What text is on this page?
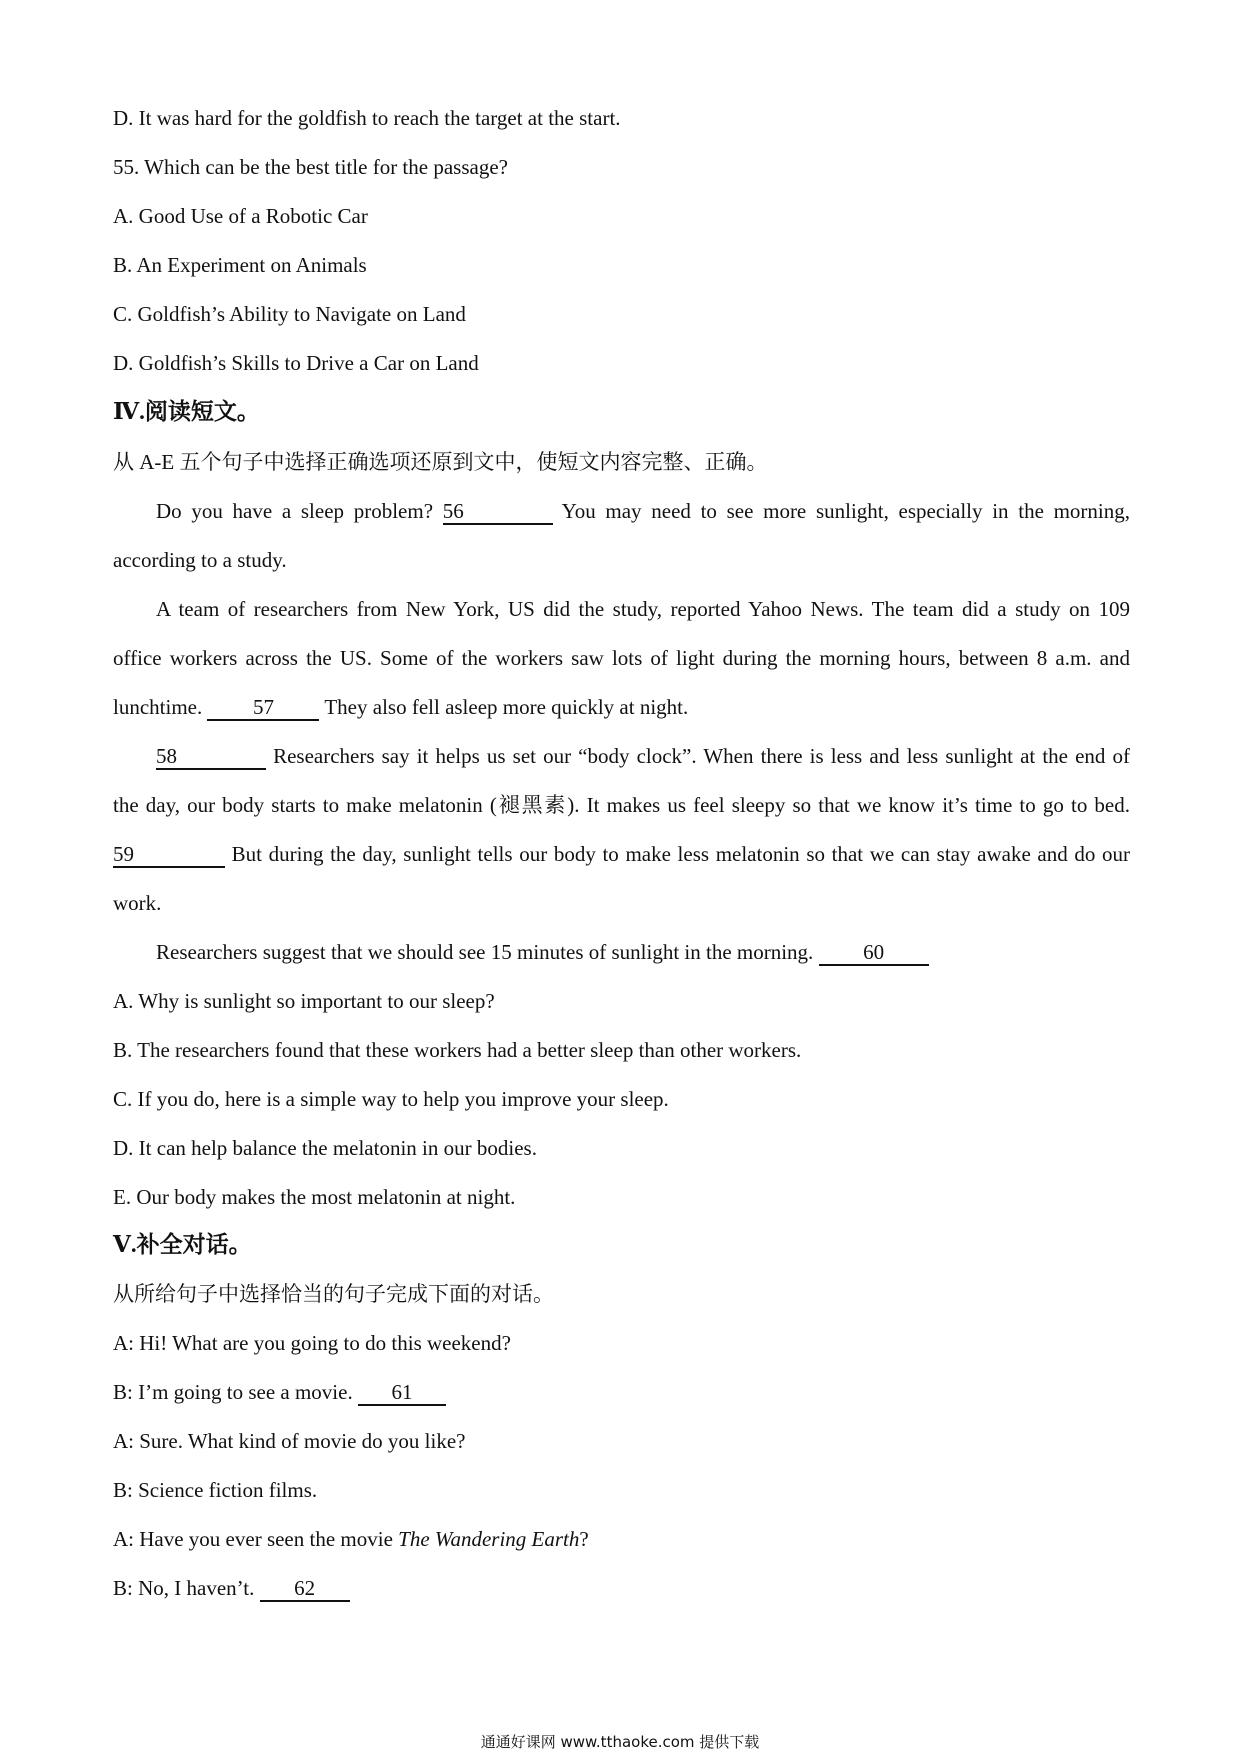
D. It was hard for the goldfish to reach the target at the start.
55. Which can be the best title for the passage?
A. Good Use of a Robotic Car
B. An Experiment on Animals
C. Goldfish’s Ability to Navigate on Land
D. Goldfish’s Skills to Drive a Car on Land
Ⅳ.阅读短文。
从 A-E 五个句子中选择正确选项还原到文中，使短文内容完整、正确。
Do you have a sleep problem? 56	You may need to see more sunlight, especially in the morning,
according to a study.
A team of researchers from New York, US did the study, reported Yahoo News. The team did a study on 109
office workers across the US. Some of the workers saw lots of light during the morning hours, between 8 a.m. and
lunchtime. 57 They also fell asleep more quickly at night.
58	Researchers say it helps us set our “body clock”. When there is less and less sunlight at the end of
the day, our body starts to make melatonin (褪黑素). It makes us feel sleepy so that we know it’s time to go to bed.
59	But during the day, sunlight tells our body to make less melatonin so that we can stay awake and do our
work.
Researchers suggest that we should see 15 minutes of sunlight in the morning. 60
A. Why is sunlight so important to our sleep?
B. The researchers found that these workers had a better sleep than other workers.
C. If you do, here is a simple way to help you improve your sleep.
D. It can help balance the melatonin in our bodies.
E. Our body makes the most melatonin at night.
Ⅴ.补全对话。
从所给句子中选择恰当的句子完成下面的对话。
A: Hi! What are you going to do this weekend?
B: I’m going to see a movie. 61
A: Sure. What kind of movie do you like?
B: Science fiction films.
A: Have you ever seen the movie The Wandering Earth?
B: No, I haven’t. 62
通通好课网 www.tthaoke.com 提供下载
